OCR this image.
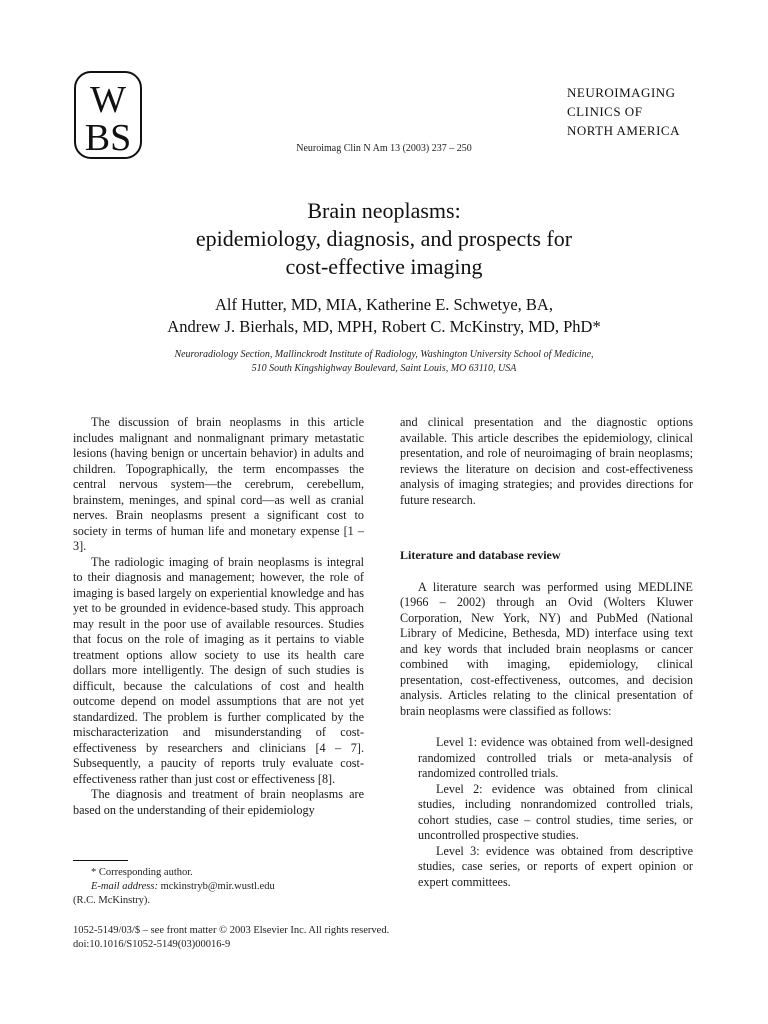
W
BS
NEUROIMAGING
CLINICS OF
NORTH AMERICA
Neuroimag Clin N Am 13 (2003) 237 – 250
Brain neoplasms:
epidemiology, diagnosis, and prospects for
cost-effective imaging
Alf Hutter, MD, MIA, Katherine E. Schwetye, BA,
Andrew J. Bierhals, MD, MPH, Robert C. McKinstry, MD, PhD*
Neuroradiology Section, Mallinckrodt Institute of Radiology, Washington University School of Medicine,
510 South Kingshighway Boulevard, Saint Louis, MO 63110, USA

The discussion of brain neoplasms in this article includes malignant and nonmalignant primary metastatic lesions (having benign or uncertain behavior) in adults and children. Topographically, the term encompasses the central nervous system—the cerebrum, cerebellum, brainstem, meninges, and spinal cord—as well as cranial nerves. Brain neoplasms present a significant cost to society in terms of human life and monetary expense [1 – 3].

The radiologic imaging of brain neoplasms is integral to their diagnosis and management; however, the role of imaging is based largely on experiential knowledge and has yet to be grounded in evidence-based study. This approach may result in the poor use of available resources. Studies that focus on the role of imaging as it pertains to viable treatment options allow society to use its health care dollars more intelligently. The design of such studies is difficult, because the calculations of cost and health outcome depend on model assumptions that are not yet standardized. The problem is further complicated by the mischaracterization and misunderstanding of cost-effectiveness by researchers and clinicians [4 – 7]. Subsequently, a paucity of reports truly evaluate cost-effectiveness rather than just cost or effectiveness [8].

The diagnosis and treatment of brain neoplasms are based on the understanding of their epidemiology

and clinical presentation and the diagnostic options available. This article describes the epidemiology, clinical presentation, and role of neuroimaging of brain neoplasms; reviews the literature on decision and cost-effectiveness analysis of imaging strategies; and provides directions for future research.

Literature and database review

A literature search was performed using MEDLINE (1966 – 2002) through an Ovid (Wolters Kluwer Corporation, New York, NY) and PubMed (National Library of Medicine, Bethesda, MD) interface using text and key words that included brain neoplasms or cancer combined with imaging, epidemiology, clinical presentation, cost-effectiveness, outcomes, and decision analysis. Articles relating to the clinical presentation of brain neoplasms were classified as follows:

Level 1: evidence was obtained from well-designed randomized controlled trials or meta-analysis of randomized controlled trials.

Level 2: evidence was obtained from clinical studies, including nonrandomized controlled trials, cohort studies, case – control studies, time series, or uncontrolled prospective studies.

Level 3: evidence was obtained from descriptive studies, case series, or reports of expert opinion or expert committees.

* Corresponding author.

E-mail address: mckinstryb@mir.wustl.edu

(R.C. McKinstry).

1052-5149/03/$ – see front matter © 2003 Elsevier Inc. All rights reserved.
doi:10.1016/S1052-5149(03)00016-9
